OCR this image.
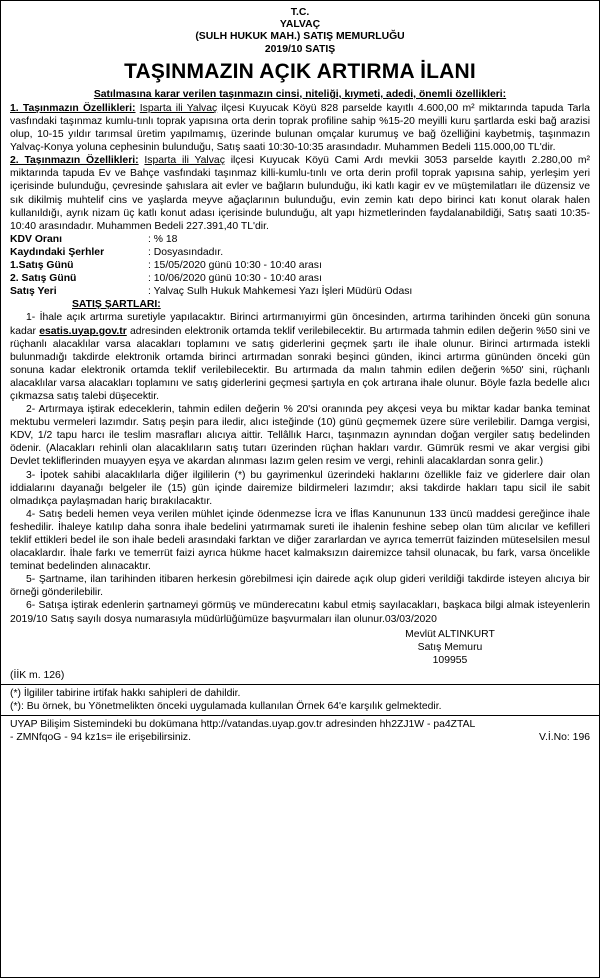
T.C.
YALVAÇ
(SULH HUKUK MAH.) SATIŞ MEMURLUĞU
2019/10 SATIŞ
TAŞINMAZIN AÇIK ARTIRMA İLANI
Satılmasına karar verilen taşınmazın cinsi, niteliği, kıymeti, adedi, önemli özellikleri:

1. Taşınmazın Özellikleri: Isparta ili Yalvaç ilçesi Kuyucak Köyü 828 parselde kayıtlı 4.600,00 m² miktarında tapuda Tarla vasfındaki taşınmaz kumlu-tınlı toprak yapısına orta derin toprak profiline sahip %15-20 meyilli kuru şartlarda eski bağ arazisi olup, 10-15 yıldır tarımsal üretim yapılmamış, üzerinde bulunan omçalar kurumuş ve bağ özelliğini kaybetmiş, taşınmazın Yalvaç-Konya yoluna cephesinin bulunduğu, Satış saati 10:30-10:35 arasındadır. Muhammen Bedeli 115.000,00 TL'dir.

2. Taşınmazın Özellikleri: Isparta ili Yalvaç ilçesi Kuyucak Köyü Cami Ardı mevkii 3053 parselde kayıtlı 2.280,00 m² miktarında tapuda Ev ve Bahçe vasfındaki taşınmaz killi-kumlu-tınlı ve orta derin profil toprak yapısına sahip, yerleşim yeri içerisinde bulunduğu, çevresinde şahıslara ait evler ve bağların bulunduğu, iki katlı kagir ev ve müştemilatları ile düzensiz ve sık dikilmiş muhtelif cins ve yaşlarda meyve ağaçlarının bulunduğu, evin zemin katı depo birinci katı konut olarak halen kullanıldığı, ayrık nizam üç katlı konut adası içerisinde bulunduğu, alt yapı hizmetlerinden faydalanabildiği, Satış saati 10:35-10:40 arasındadır. Muhammen Bedeli 227.391,40 TL'dir.

KDV Oranı	: % 18
Kaydındaki Şerhler	: Dosyasındadır.
1.Satış Günü	: 15/05/2020 günü 10:30 - 10:40 arası
2. Satış Günü	: 10/06/2020 günü 10:30 - 10:40 arası
Satış Yeri	: Yalvaç Sulh Hukuk Mahkemesi Yazı İşleri Müdürü Odası
SATIŞ ŞARTLARI:

1- İhale açık artırma suretiyle yapılacaktır. Birinci artırmanıyirmi gün öncesinden, artırma tarihinden önceki gün sonuna kadar esatis.uyap.gov.tr adresinden elektronik ortamda teklif verilebilecektir. Bu artırmada tahmin edilen değerin %50 sini ve rüçhanlı alacaklılar varsa alacakları toplamını ve satış giderlerini geçmek şartı ile ihale olunur. Birinci artırmada istekli bulunmadığı takdirde elektronik ortamda birinci artırmadan sonraki beşinci günden, ikinci artırma gününden önceki gün sonuna kadar elektronik ortamda teklif verilebilecektir. Bu artırmada da malın tahmin edilen değerin %50' sini, rüçhanlı alacaklılar varsa alacakları toplamını ve satış giderlerini geçmesi şartıyla en çok artırana ihale olunur. Böyle fazla bedelle alıcı çıkmazsa satış talebi düşecektir.

2- Artırmaya iştirak edeceklerin, tahmin edilen değerin % 20'si oranında pey akçesi veya bu miktar kadar banka teminat mektubu vermeleri lazımdır. Satış peşin para iledir, alıcı isteğinde (10) günü geçmemek üzere süre verilebilir. Damga vergisi, KDV, 1/2 tapu harcı ile teslim masrafları alıcıya aittir. Tellâllık Harcı, taşınmazın aynından doğan vergiler satış bedelinden ödenir. (Alacakları rehinli olan alacaklıların satış tutarı üzerinden rüçhan hakları vardır. Gümrük resmi ve akar vergisi gibi Devlet tekliflerinden muayyen eşya ve akardan alınması lazım gelen resim ve vergi, rehinli alacaklardan sonra gelir.)

3- İpotek sahibi alacaklılarla diğer ilgililerin (*) bu gayrimenkul üzerindeki haklarını özellikle faiz ve giderlere dair olan iddialarını dayanağı belgeler ile (15) gün içinde dairemize bildirmeleri lazımdır; aksi takdirde hakları tapu sicil ile sabit olmadıkça paylaşmadan hariç bırakılacaktır.

4- Satış bedeli hemen veya verilen mühlet içinde ödenmezse İcra ve İflas Kanununun 133 üncü maddesi gereğince ihale feshedilir. İhaleye katılıp daha sonra ihale bedelini yatırmamak sureti ile ihalenin feshine sebep olan tüm alıcılar ve kefilleri teklif ettikleri bedel ile son ihale bedeli arasındaki farktan ve diğer zararlardan ve ayrıca temerrüt faizinden müteselsilen mesul olacaklardır. İhale farkı ve temerrüt faizi ayrıca hükme hacet kalmaksızın dairemizce tahsil olunacak, bu fark, varsa öncelikle teminat bedelinden alınacaktır.

5- Şartname, ilan tarihinden itibaren herkesin görebilmesi için dairede açık olup gideri verildiği takdirde isteyen alıcıya bir örneği gönderilebilir.

6- Satışa iştirak edenlerin şartnameyi görmüş ve münderecatını kabul etmiş sayılacakları, başkaca bilgi almak isteyenlerin 2019/10 Satış sayılı dosya numarasıyla müdürlüğümüze başvurmaları ilan olunur.03/03/2020

Mevlüt ALTINKURT
Satış Memuru
109955
(İİK m. 126)
(*) İlgililer tabirine irtifak hakkı sahipleri de dahildir.
(*): Bu örnek, bu Yönetmelikten önceki uygulamada kullanılan Örnek 64'e karşılık gelmektedir.
UYAP Bilişim Sistemindeki bu dokümana http://vatandas.uyap.gov.tr adresinden hh2ZJ1W - pa4ZTAL
- ZMNfqoG - 94 kz1s= ile erişebilirsiniz.	V.İ.No: 196
